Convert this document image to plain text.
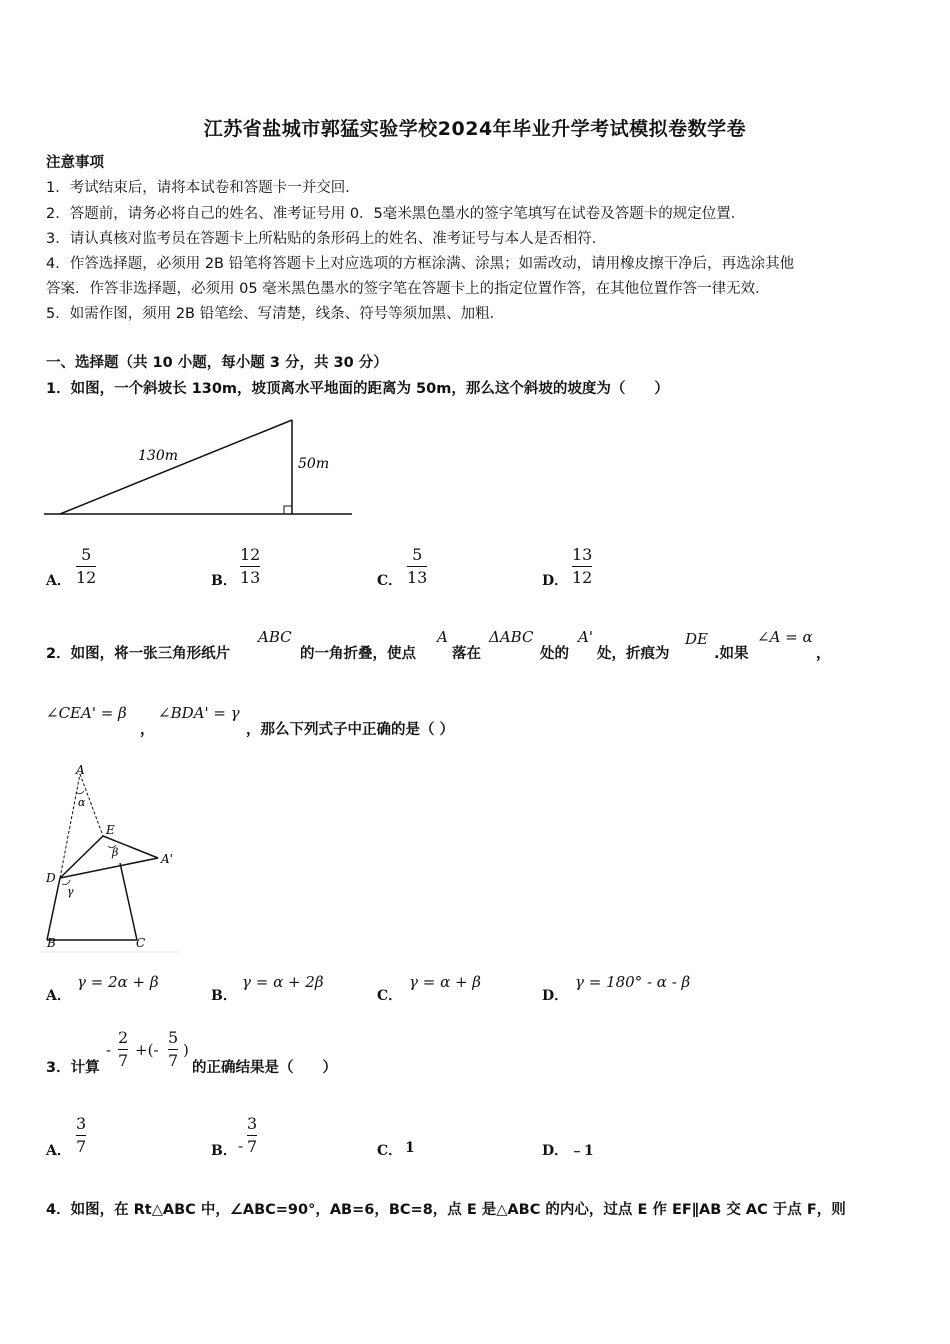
江苏省盐城市郭猛实验学校2024年毕业升学考试模拟卷数学卷
注意事项
1．考试结束后，请将本试卷和答题卡一并交回．
2．答题前，请务必将自己的姓名、准考证号用 0．5毫米黑色墨水的签字笔填写在试卷及答题卡的规定位置．
3．请认真核对监考员在答题卡上所粘贴的条形码上的姓名、准考证号与本人是否相符．
4．作答选择题，必须用 2B 铅笔将答题卡上对应选项的方框涂满、涂黑；如需改动，请用橡皮擦干净后，再选涂其他
答案．作答非选择题，必须用 05 毫米黑色墨水的签字笔在答题卡上的指定位置作答，在其他位置作答一律无效．
5．如需作图，须用 2B 铅笔绘、写清楚，线条、符号等须加黑、加粗．
一、选择题（共 10 小题，每小题 3 分，共 30 分）
1．如图，一个斜坡长 130m，坡顶离水平地面的距离为 50m，那么这个斜坡的坡度为（　　）
130m	50m
A．
5
12	B．
12
13	C．
5
13	D．
13
12
2．如图，将一张三角形纸片
ABC
的一角折叠，使点
A
落在
ΔABC
处的
A'
处，折痕为
DE
.如果
∠A = α
，
∠CEA' = β
，
∠BDA' = γ
，那么下列式子中正确的是（ ）
A
α
E
β	A'
D
γ
B	C
A．
γ = 2α + β
B．
γ = α + 2β
C．
γ = α + β
D．
γ = 180° - α - β
3．计算
-
2
7
+(-
5
7
)
的正确结果是（　　）
A．
3
7	B． -
3
7	C． 1	D． ﹣1
4．如图，在 Rt△ABC 中，∠ABC=90°，AB=6，BC=8，点 E 是△ABC 的内心，过点 E 作 EF∥AB 交 AC 于点 F，则
